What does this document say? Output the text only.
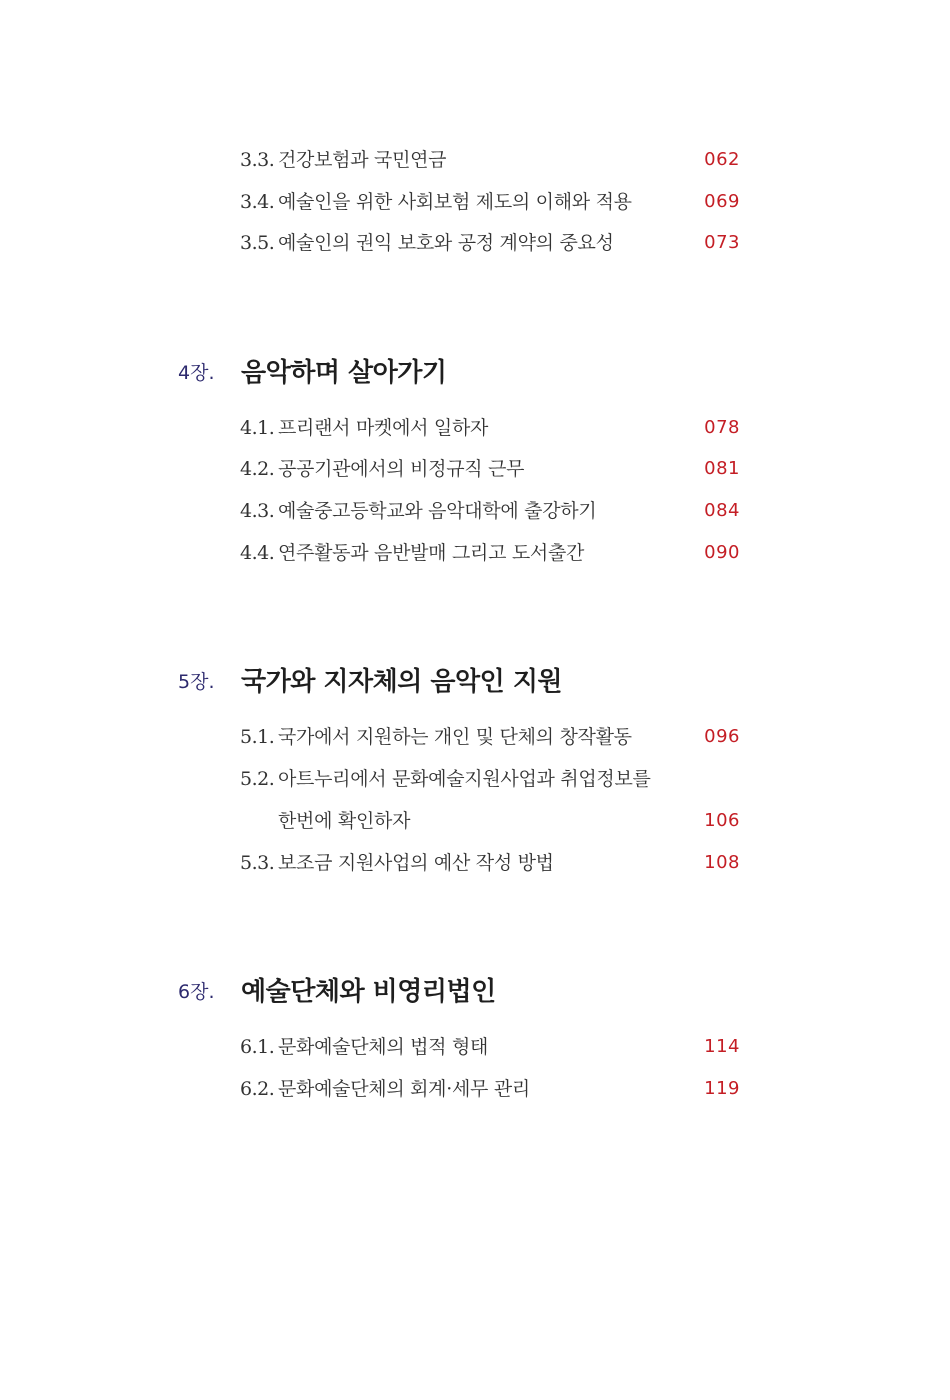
3.3. 건강보험과 국민연금	062
3.4. 예술인을 위한 사회보험 제도의 이해와 적용	069
3.5. 예술인의 권익 보호와 공정 계약의 중요성	073
4장. 음악하며 살아가기
4.1. 프리랜서 마켓에서 일하자	078
4.2. 공공기관에서의 비정규직 근무	081
4.3. 예술중고등학교와 음악대학에 출강하기	084
4.4. 연주활동과 음반발매 그리고 도서출간	090
5장. 국가와 지자체의 음악인 지원
5.1. 국가에서 지원하는 개인 및 단체의 창작활동	096
5.2. 아트누리에서 문화예술지원사업과 취업정보를
한번에 확인하자	106
5.3. 보조금 지원사업의 예산 작성 방법	108
6장. 예술단체와 비영리법인
6.1. 문화예술단체의 법적 형태	114
6.2. 문화예술단체의 회계·세무 관리	119
